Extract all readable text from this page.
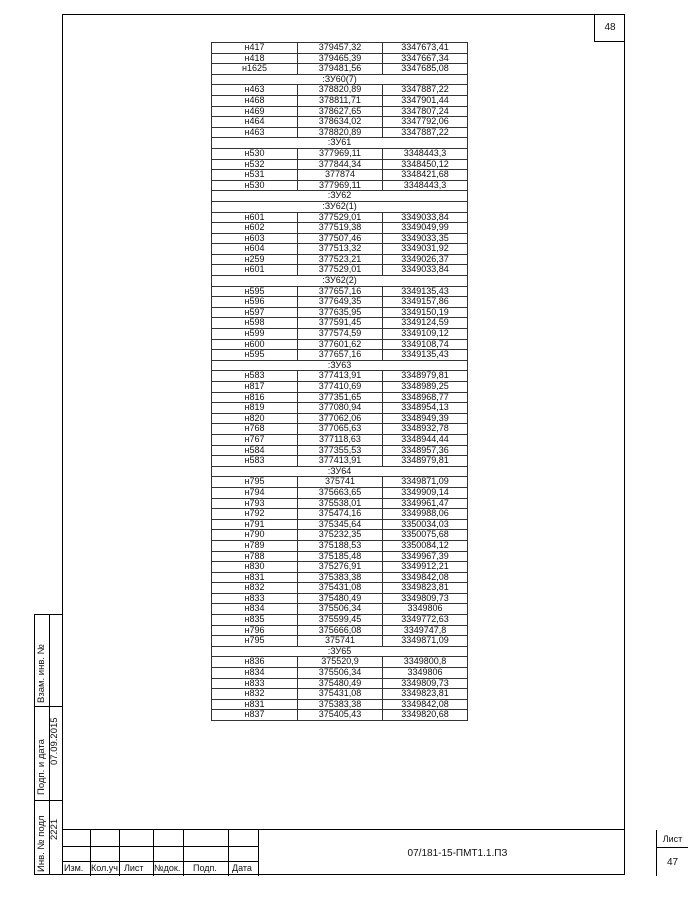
48
н417	379457,32	3347673,41
н418	379465,39	3347667,34
н1625	379481,56	3347685,08
:ЗУ60(7)		
н463	378820,89	3347887,22
н468	378811,71	3347901,44
н469	378627,65	3347807,24
н464	378634,02	3347792,06
н463	378820,89	3347887,22
:ЗУ61		
н530	377969,11	3348443,3
н532	377844,34	3348450,12
н531	377874	3348421,68
н530	377969,11	3348443,3
:ЗУ62		
:ЗУ62(1)		
н601	377529,01	3349033,84
н602	377519,38	3349049,99
н603	377507,46	3349033,35
н604	377513,32	3349031,92
н259	377523,21	3349026,37
н601	377529,01	3349033,84
:ЗУ62(2)		
н595	377657,16	3349135,43
н596	377649,35	3349157,86
н597	377635,95	3349150,19
н598	377591,45	3349124,59
н599	377574,59	3349109,12
н600	377601,62	3349108,74
н595	377657,16	3349135,43
:ЗУ63		
н583	377413,91	3348979,81
н817	377410,69	3348989,25
н816	377351,65	3348968,77
н819	377080,94	3348954,13
н820	377062,06	3348949,39
н768	377065,63	3348932,78
н767	377118,63	3348944,44
н584	377355,53	3348957,36
н583	377413,91	3348979,81
:ЗУ64		
н795	375741	3349871,09
н794	375663,65	3349909,14
н793	375538,01	3349961,47
н792	375474,16	3349988,06
н791	375345,64	3350034,03
н790	375232,35	3350075,68
н789	375188,53	3350084,12
н788	375185,48	3349967,39
н830	375276,91	3349912,21
н831	375383,38	3349842,08
н832	375431,08	3349823,81
н833	375480,49	3349809,73
н834	375506,34	3349806
н835	375599,45	3349772,63
н796	375666,08	3349747,8
н795	375741	3349871,09
:ЗУ65		
н836	375520,9	3349800,8
н834	375506,34	3349806
н833	375480,49	3349809,73
н832	375431,08	3349823,81
н831	375383,38	3349842,08
н837	375405,43	3349820,68
Взам. инв. №
Подп. и дата 07.09.2015
Инв. № подл 2221
Изм. Кол.уч. Лист №док. Подп. Дата
07/181-15-ПМТ1.1.ПЗ
Лист
47
